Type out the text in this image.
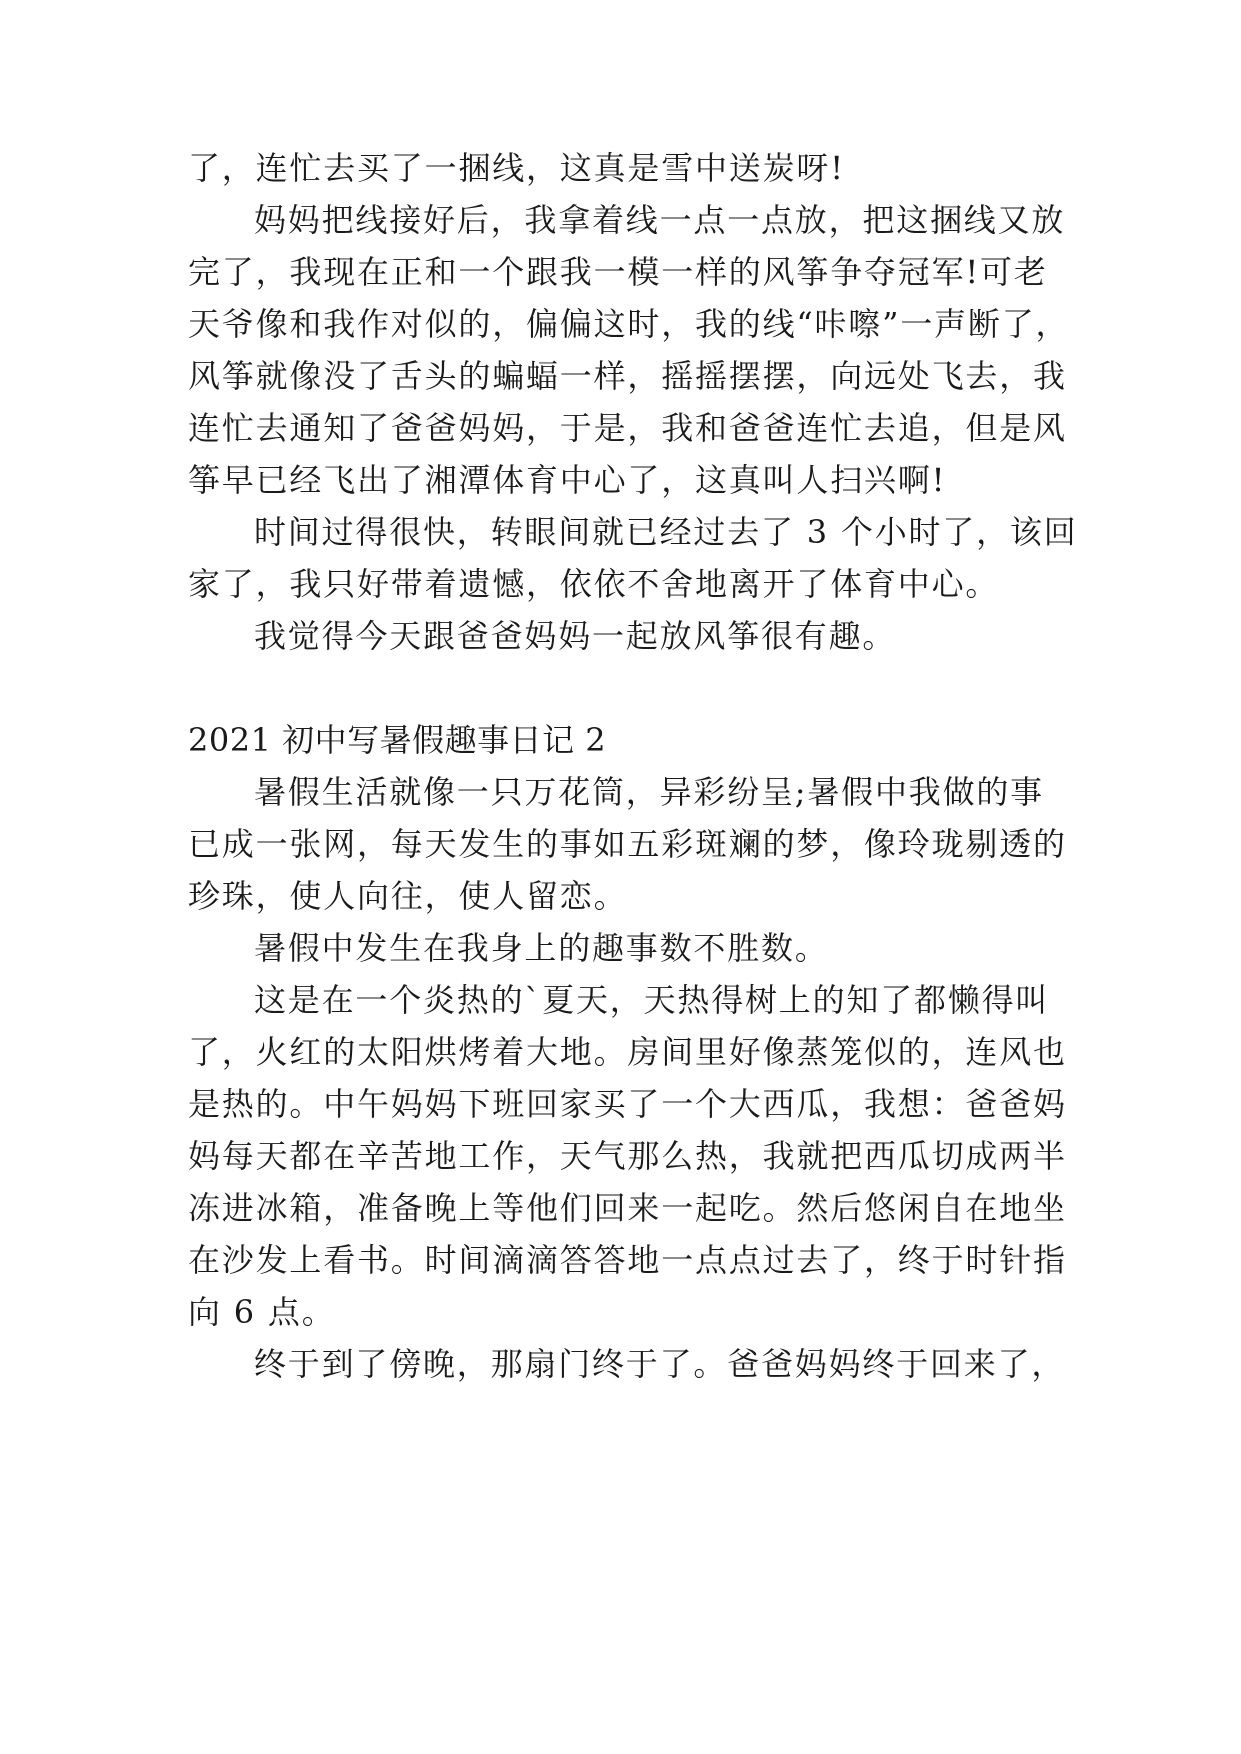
了，连忙去买了一捆线，这真是雪中送炭呀!
妈妈把线接好后，我拿着线一点一点放，把这捆线又放
完了，我现在正和一个跟我一模一样的风筝争夺冠军!可老
天爷像和我作对似的，偏偏这时，我的线“咔嚓”一声断了，
风筝就像没了舌头的蝙蝠一样，摇摇摆摆，向远处飞去，我
连忙去通知了爸爸妈妈，于是，我和爸爸连忙去追，但是风
筝早已经飞出了湘潭体育中心了，这真叫人扫兴啊!
时间过得很快，转眼间就已经过去了 3 个小时了，该回
家了，我只好带着遗憾，依依不舍地离开了体育中心。
我觉得今天跟爸爸妈妈一起放风筝很有趣。
2021 初中写暑假趣事日记 2
暑假生活就像一只万花筒，异彩纷呈;暑假中我做的事
已成一张网，每天发生的事如五彩斑斓的梦，像玲珑剔透的
珍珠，使人向往，使人留恋。
暑假中发生在我身上的趣事数不胜数。
这是在一个炎热的`夏天，天热得树上的知了都懒得叫
了，火红的太阳烘烤着大地。房间里好像蒸笼似的，连风也
是热的。中午妈妈下班回家买了一个大西瓜，我想：爸爸妈
妈每天都在辛苦地工作，天气那么热，我就把西瓜切成两半
冻进冰箱，准备晚上等他们回来一起吃。然后悠闲自在地坐
在沙发上看书。时间滴滴答答地一点点过去了，终于时针指
向 6 点。
终于到了傍晚，那扇门终于了。爸爸妈妈终于回来了，
